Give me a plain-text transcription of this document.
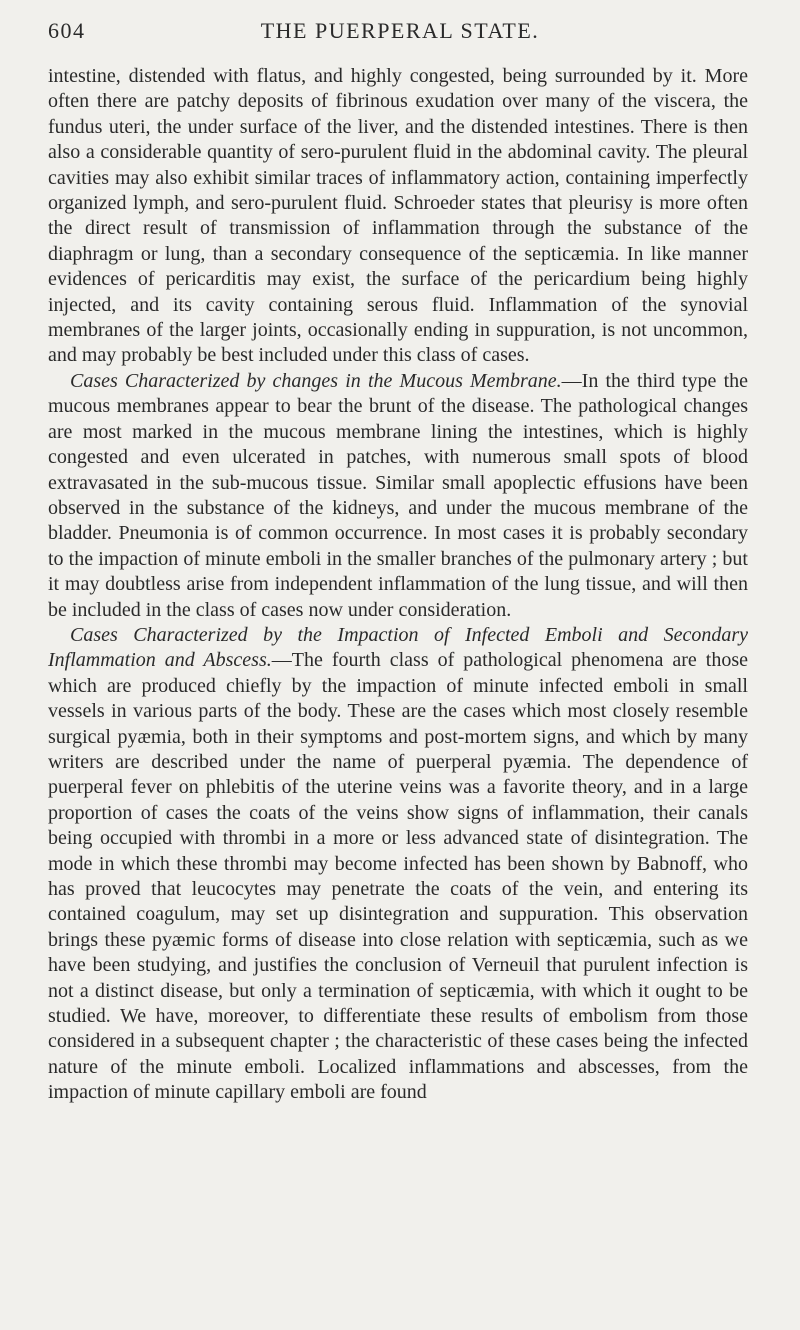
604	THE PUERPERAL STATE.

intestine, distended with flatus, and highly congested, being surrounded by it. More often there are patchy deposits of fibrinous exudation over many of the viscera, the fundus uteri, the under surface of the liver, and the distended intestines. There is then also a considerable quantity of sero-purulent fluid in the abdominal cavity. The pleural cavities may also exhibit similar traces of inflammatory action, containing imperfectly organized lymph, and sero-purulent fluid. Schroeder states that pleurisy is more often the direct result of transmission of inflammation through the substance of the diaphragm or lung, than a secondary consequence of the septicæmia. In like manner evidences of pericarditis may exist, the surface of the pericardium being highly injected, and its cavity containing serous fluid. Inflammation of the synovial membranes of the larger joints, occasionally ending in suppuration, is not uncommon, and may probably be best included under this class of cases.

Cases Characterized by changes in the Mucous Membrane.—In the third type the mucous membranes appear to bear the brunt of the disease. The pathological changes are most marked in the mucous membrane lining the intestines, which is highly congested and even ulcerated in patches, with numerous small spots of blood extravasated in the sub-mucous tissue. Similar small apoplectic effusions have been observed in the substance of the kidneys, and under the mucous membrane of the bladder. Pneumonia is of common occurrence. In most cases it is probably secondary to the impaction of minute emboli in the smaller branches of the pulmonary artery ; but it may doubtless arise from independent inflammation of the lung tissue, and will then be included in the class of cases now under consideration.

Cases Characterized by the Impaction of Infected Emboli and Secondary Inflammation and Abscess.—The fourth class of pathological phenomena are those which are produced chiefly by the impaction of minute infected emboli in small vessels in various parts of the body. These are the cases which most closely resemble surgical pyæmia, both in their symptoms and post-mortem signs, and which by many writers are described under the name of puerperal pyæmia. The dependence of puerperal fever on phlebitis of the uterine veins was a favorite theory, and in a large proportion of cases the coats of the veins show signs of inflammation, their canals being occupied with thrombi in a more or less advanced state of disintegration. The mode in which these thrombi may become infected has been shown by Babnoff, who has proved that leucocytes may penetrate the coats of the vein, and entering its contained coagulum, may set up disintegration and suppuration. This observation brings these pyæmic forms of disease into close relation with septicæmia, such as we have been studying, and justifies the conclusion of Verneuil that purulent infection is not a distinct disease, but only a termination of septicæmia, with which it ought to be studied. We have, moreover, to differentiate these results of embolism from those considered in a subsequent chapter ; the characteristic of these cases being the infected nature of the minute emboli. Localized inflammations and abscesses, from the impaction of minute capillary emboli are found
